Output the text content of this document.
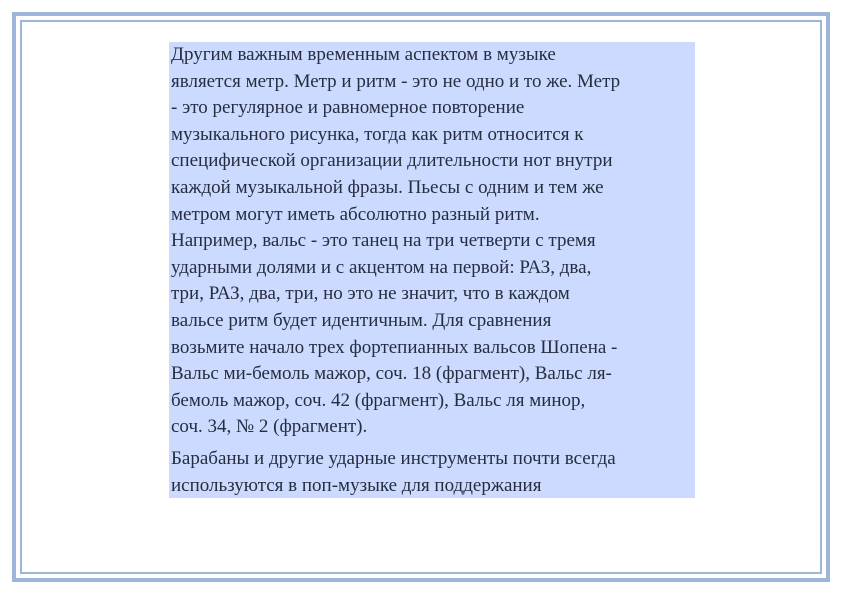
Другим важным временным аспектом в музыке
является метр. Метр и ритм - это не одно и то же. Метр
- это регулярное и равномерное повторение
музыкального рисунка, тогда как ритм относится к
специфической организации длительности нот внутри
каждой музыкальной фразы. Пьесы с одним и тем же
метром могут иметь абсолютно разный ритм.
Например, вальс - это танец на три четверти с тремя
ударными долями и с акцентом на первой: РАЗ, два,
три, РАЗ, два, три, но это не значит, что в каждом
вальсе ритм будет идентичным. Для сравнения
возьмите начало трех фортепианных вальсов Шопена -
Вальс ми-бемоль мажор, соч. 18 (фрагмент), Вальс ля-
бемоль мажор, соч. 42 (фрагмент), Вальс ля минор,
соч. 34, № 2 (фрагмент).

Барабаны и другие ударные инструменты почти всегда
используются в поп-музыке для поддержания
